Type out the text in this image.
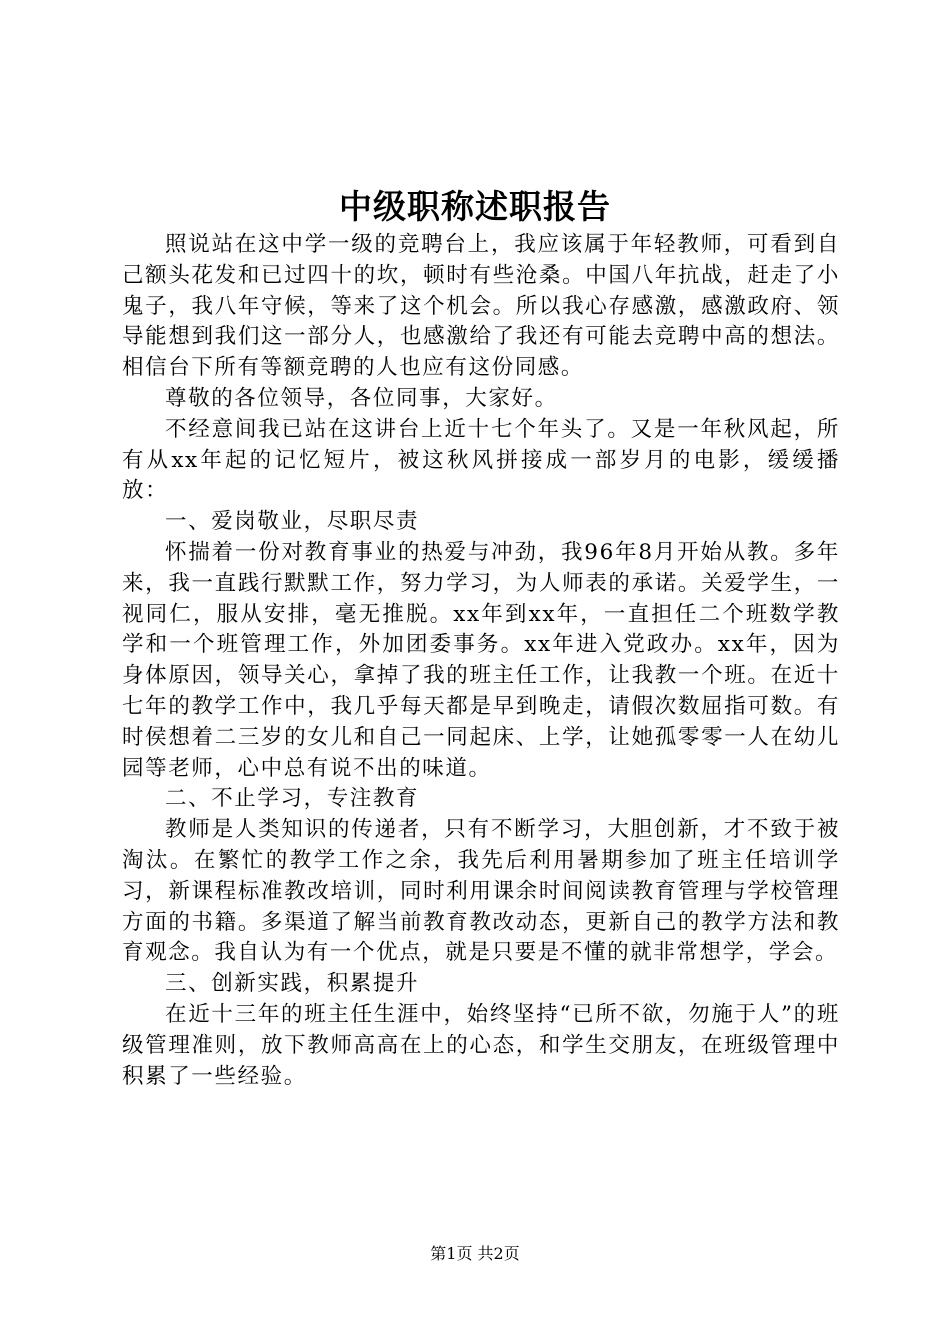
中级职称述职报告

照说站在这中学一级的竞聘台上，我应该属于年轻教师，可看到自己额头花发和已过四十的坎，顿时有些沧桑。中国八年抗战，赶走了小鬼子，我八年守候，等来了这个机会。所以我心存感激，感激政府、领导能想到我们这一部分人，也感激给了我还有可能去竞聘中高的想法。相信台下所有等额竞聘的人也应有这份同感。

尊敬的各位领导，各位同事，大家好。

不经意间我已站在这讲台上近十七个年头了。又是一年秋风起，所有从xx年起的记忆短片，被这秋风拼接成一部岁月的电影，缓缓播放：

一、爱岗敬业，尽职尽责

怀揣着一份对教育事业的热爱与冲劲，我96年8月开始从教。多年来，我一直践行默默工作，努力学习，为人师表的承诺。关爱学生，一视同仁，服从安排，毫无推脱。xx年到xx年，一直担任二个班数学教学和一个班管理工作，外加团委事务。xx年进入党政办。xx年，因为身体原因，领导关心，拿掉了我的班主任工作，让我教一个班。在近十七年的教学工作中，我几乎每天都是早到晚走，请假次数屈指可数。有时侯想着二三岁的女儿和自己一同起床、上学，让她孤零零一人在幼儿园等老师，心中总有说不出的味道。

二、不止学习，专注教育

教师是人类知识的传递者，只有不断学习，大胆创新，才不致于被淘汰。在繁忙的教学工作之余，我先后利用暑期参加了班主任培训学习，新课程标准教改培训，同时利用课余时间阅读教育管理与学校管理方面的书籍。多渠道了解当前教育教改动态，更新自己的教学方法和教育观念。我自认为有一个优点，就是只要是不懂的就非常想学，学会。

三、创新实践，积累提升

在近十三年的班主任生涯中，始终坚持“已所不欲，勿施于人”的班级管理准则，放下教师高高在上的心态，和学生交朋友，在班级管理中积累了一些经验。

第1页 共2页
